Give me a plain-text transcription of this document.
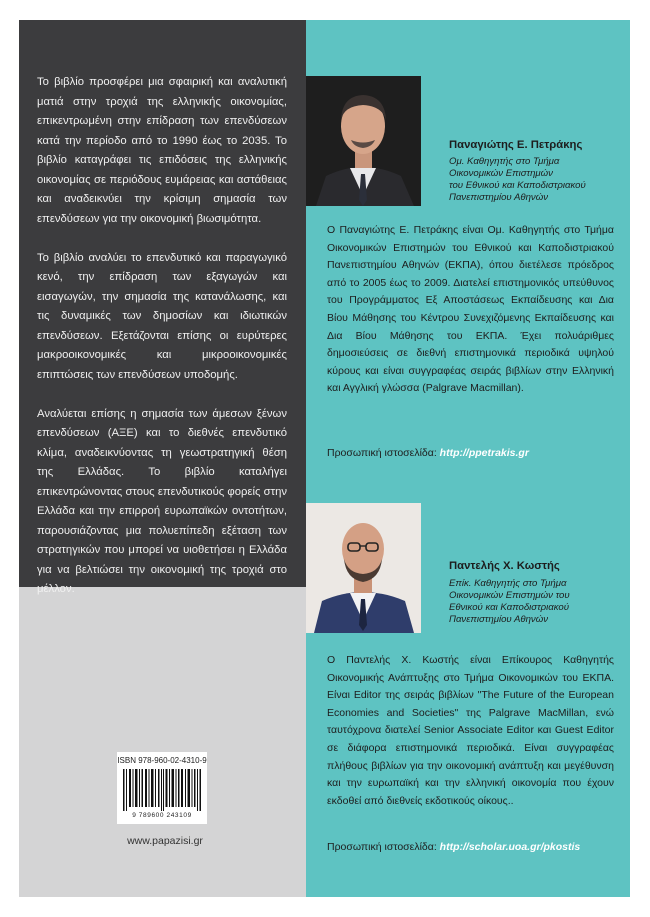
Το βιβλίο προσφέρει μια σφαιρική και αναλυτική ματιά στην τροχιά της ελληνικής οικονομίας, επικεντρωμένη στην επίδραση των επενδύσεων κατά την περίοδο από το 1990 έως το 2035. Το βιβλίο καταγράφει τις επιδόσεις της ελληνικής οικονομίας σε περιόδους ευμάρειας και αστάθειας και αναδεικνύει την κρίσιμη σημασία των επενδύσεων για την οικονομική βιωσιμότητα.

Το βιβλίο αναλύει το επενδυτικό και παραγωγικό κενό, την επίδραση των εξαγωγών και εισαγωγών, την σημασία της κατανάλωσης, και τις δυναμικές των δημοσίων και ιδιωτικών επενδύσεων. Εξετάζονται επίσης οι ευρύτερες μακροοικονομικές και μικροοικονομικές επιπτώσεις των επενδύσεων υποδομής.

Αναλύεται επίσης η σημασία των άμεσων ξένων επενδύσεων (ΑΞΕ) και το διεθνές επενδυτικό κλίμα, αναδεικνύοντας τη γεωστρατηγική θέση της Ελλάδας. Το βιβλίο καταλήγει επικεντρώνοντας στους επενδυτικούς φορείς στην Ελλάδα και την επιρροή ευρωπαϊκών οντοτήτων, παρουσιάζοντας μια πολυεπίπεδη εξέταση των στρατηγικών που μπορεί να υιοθετήσει η Ελλάδα για να βελτιώσει την οικονομική της τροχιά στο μέλλον.

ISBN 978-960-02-4310-9
9 789600 243109
www.papazisi.gr
Παναγιώτης Ε. Πετράκης
Ομ. Καθηγητής στο Τμήμα
Οικονομικών Επιστημών
του Εθνικού και Καποδιστριακού
Πανεπιστημίου Αθηνών
Ο Παναγιώτης Ε. Πετράκης είναι Ομ. Καθηγητής στο Τμήμα Οικονομικών Επιστημών του Εθνικού και Καποδιστριακού Πανεπιστημίου Αθηνών (ΕΚΠΑ), όπου διετέλεσε πρόεδρος από το 2005 έως το 2009. Διατελεί επιστημονικός υπεύθυνος του Προγράμματος Εξ Αποστάσεως Εκπαίδευσης και Δια Βίου Μάθησης του Κέντρου Συνεχιζόμενης Εκπαίδευσης και Δια Βίου Μάθησης του ΕΚΠΑ. Έχει πολυάριθμες δημοσιεύσεις σε διεθνή επιστημονικά περιοδικά υψηλού κύρους και είναι συγγραφέας σειράς βιβλίων στην Ελληνική και Αγγλική γλώσσα (Palgrave Macmillan).
Προσωπική ιστοσελίδα: http://ppetrakis.gr
Παντελής Χ. Κωστής
Επίκ. Καθηγητής στο Τμήμα
Οικονομικών Επιστημών του
Εθνικού και Καποδιστριακού
Πανεπιστημίου Αθηνών
Ο Παντελής Χ. Κωστής είναι Επίκουρος Καθηγητής Οικονομικής Ανάπτυξης στο Τμήμα Οικονομικών του ΕΚΠΑ. Είναι Editor της σειράς βιβλίων "The Future of the European Economies and Societies" της Palgrave MacMillan, ενώ ταυτόχρονα διατελεί Senior Associate Editor και Guest Editor σε διάφορα επιστημονικά περιοδικά. Είναι συγγραφέας πλήθους βιβλίων για την οικονομική ανάπτυξη και μεγέθυνση και την ευρωπαϊκή και την ελληνική οικονομία που έχουν εκδοθεί από διεθνείς εκδοτικούς οίκους..
Προσωπική ιστοσελίδα: http://scholar.uoa.gr/pkostis
